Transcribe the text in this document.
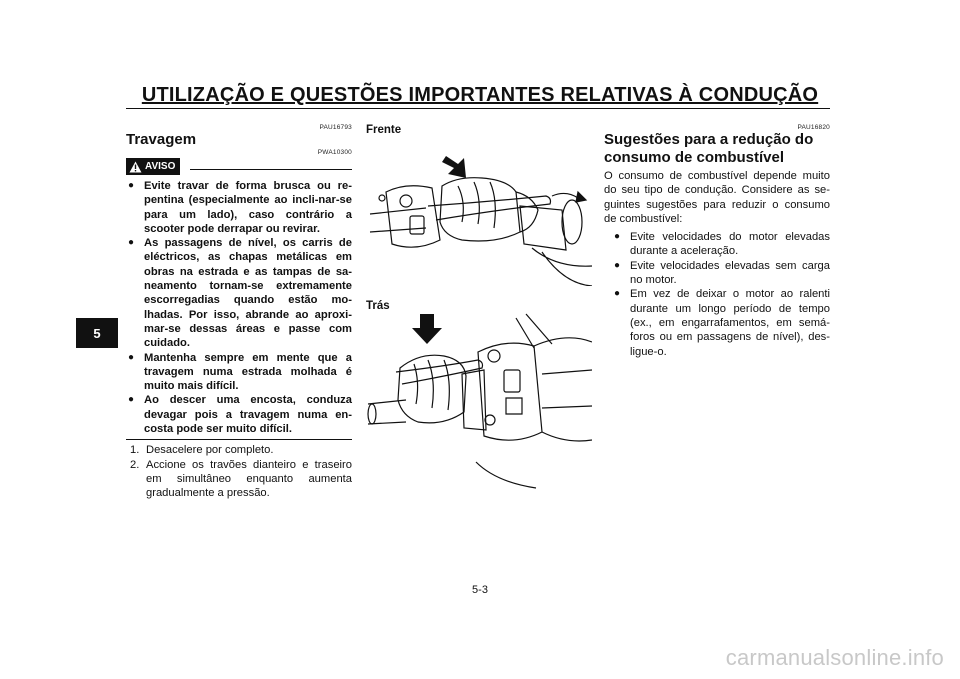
UTILIZAÇÃO E QUESTÕES IMPORTANTES RELATIVAS À CONDUÇÃO
5
PAU16793
Travagem
PWA10300
AVISO
● Evite travar de forma brusca ou re-pentina (especialmente ao incli-nar-se para um lado), caso contrário a scooter pode derrapar ou revirar.
● As passagens de nível, os carris de eléctricos, as chapas metálicas em obras na estrada e as tampas de sa-neamento tornam-se extremamente escorregadias quando estão mo-lhadas. Por isso, abrande ao aproxi-mar-se dessas áreas e passe com cuidado.
● Mantenha sempre em mente que a travagem numa estrada molhada é muito mais difícil.
● Ao descer uma encosta, conduza devagar pois a travagem numa en-costa pode ser muito difícil.
1. Desacelere por completo.
2. Accione os travões dianteiro e traseiro em simultâneo enquanto aumenta gradualmente a pressão.
Frente
Trás
PAU16820
Sugestões para a redução do consumo de combustível

O consumo de combustível depende muito do seu tipo de condução. Considere as se-guintes sugestões para reduzir o consumo de combustível:

● Evite velocidades do motor elevadas durante a aceleração.
● Evite velocidades elevadas sem carga no motor.
● Em vez de deixar o motor ao ralenti durante um longo período de tempo (ex., em engarrafamentos, em semá-foros ou em passagens de nível), des-ligue-o.
5-3
carmanualsonline.info
